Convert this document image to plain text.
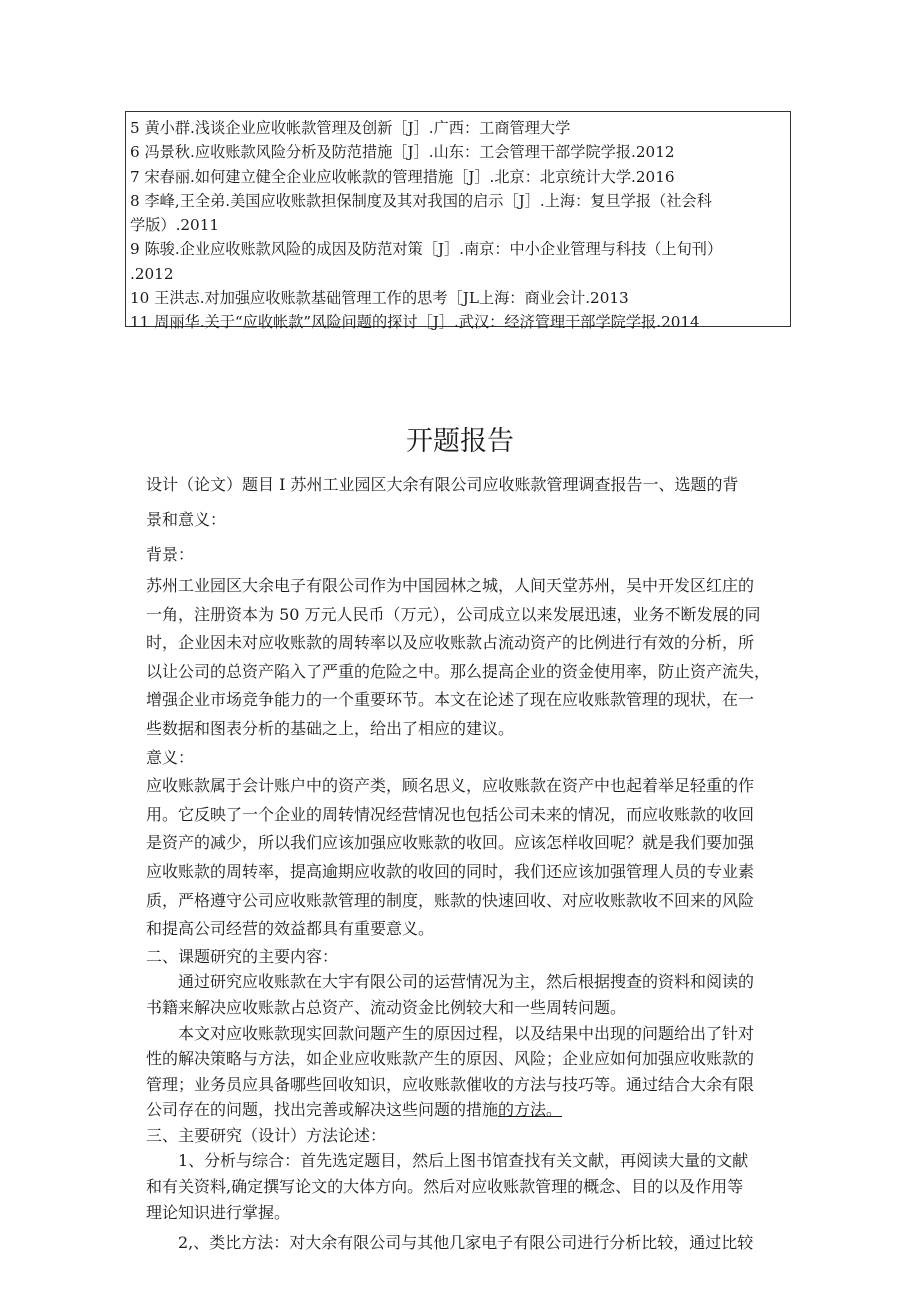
5 黄小群.浅谈企业应收帐款管理及创新［J］.广西：工商管理大学
6 冯景秋.应收账款风险分析及防范措施［J］.山东：工会管理干部学院学报.2012
7 宋春丽.如何建立健全企业应收帐款的管理措施［J］.北京：北京统计大学.2016
8 李峰,王全弟.美国应收账款担保制度及其对我国的启示［J］.上海：复旦学报（社会科
学版）.2011
9 陈骏.企业应收账款风险的成因及防范对策［J］.南京：中小企业管理与科技（上旬刊）
.2012
10 王洪志.对加强应收账款基础管理工作的思考［JL上海：商业会计.2013
11 周丽华.关于“应收帐款”风险问题的探讨［J］.武汉：经济管理干部学院学报.2014
开题报告
设计（论文）题目 I 苏州工业园区大余有限公司应收账款管理调查报告一、选题的背
景和意义：
背景：
苏州工业园区大余电子有限公司作为中国园林之城，人间天堂苏州，吴中开发区红庄的
一角，注册资本为 50 万元人民币（万元），公司成立以来发展迅速，业务不断发展的同
时，企业因未对应收账款的周转率以及应收账款占流动资产的比例进行有效的分析，所
以让公司的总资产陷入了严重的危险之中。那么提高企业的资金使用率，防止资产流失，
增强企业市场竞争能力的一个重要环节。本文在论述了现在应收账款管理的现状，在一
些数据和图表分析的基础之上，给出了相应的建议。
意义：
应收账款属于会计账户中的资产类，顾名思义，应收账款在资产中也起着举足轻重的作
用。它反映了一个企业的周转情况经营情况也包括公司未来的情况，而应收账款的收回
是资产的减少，所以我们应该加强应收账款的收回。应该怎样收回呢？就是我们要加强
应收账款的周转率，提高逾期应收款的收回的同时，我们还应该加强管理人员的专业素
质，严格遵守公司应收账款管理的制度，账款的快速回收、对应收账款收不回来的风险
和提高公司经营的效益都具有重要意义。
二、课题研究的主要内容：
通过研究应收账款在大宇有限公司的运营情况为主，然后根据搜查的资料和阅读的
书籍来解决应收账款占总资产、流动资金比例较大和一些周转问题。
本文对应收账款现实回款问题产生的原因过程，以及结果中出现的问题给出了针对
性的解决策略与方法，如企业应收账款产生的原因、风险；企业应如何加强应收账款的
管理；业务员应具备哪些回收知识，应收账款催收的方法与技巧等。通过结合大余有限
公司存在的问题，找出完善或解决这些问题的措施的方法。
三、主要研究（设计）方法论述：
1、分析与综合：首先选定题目，然后上图书馆查找有关文献，再阅读大量的文献
和有关资料,确定撰写论文的大体方向。然后对应收账款管理的概念、目的以及作用等
理论知识进行掌握。
2,、类比方法：对大余有限公司与其他几家电子有限公司进行分析比较，通过比较
